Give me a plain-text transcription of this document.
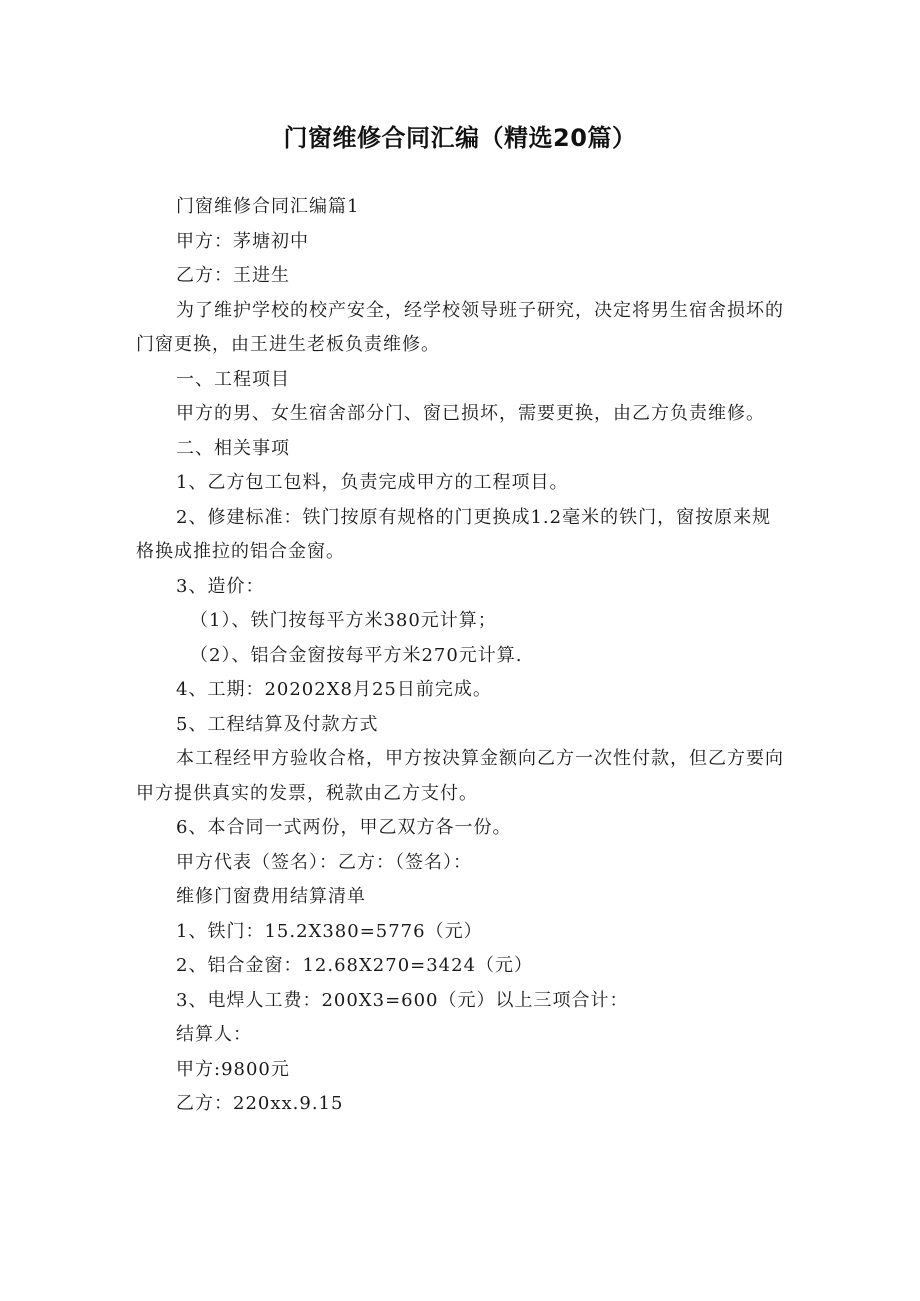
门窗维修合同汇编（精选20篇）

门窗维修合同汇编篇1

甲方：茅塘初中

乙方：王进生

为了维护学校的校产安全，经学校领导班子研究，决定将男生宿舍损坏的门窗更换，由王进生老板负责维修。

一、工程项目

甲方的男、女生宿舍部分门、窗已损坏，需要更换，由乙方负责维修。

二、相关事项

1、乙方包工包料，负责完成甲方的工程项目。

2、修建标准：铁门按原有规格的门更换成1.2毫米的铁门，窗按原来规格换成推拉的铝合金窗。

3、造价：

（1）、铁门按每平方米380元计算；

（2）、铝合金窗按每平方米270元计算.

4、工期：20202X8月25日前完成。

5、工程结算及付款方式

本工程经甲方验收合格，甲方按决算金额向乙方一次性付款，但乙方要向甲方提供真实的发票，税款由乙方支付。

6、本合同一式两份，甲乙双方各一份。

甲方代表（签名）：乙方：（签名）：

维修门窗费用结算清单

1、铁门：15.2X380=5776（元）

2、铝合金窗：12.68X270=3424（元）

3、电焊人工费：200X3=600（元）以上三项合计：

结算人：

甲方:9800元

乙方：220xx.9.15
